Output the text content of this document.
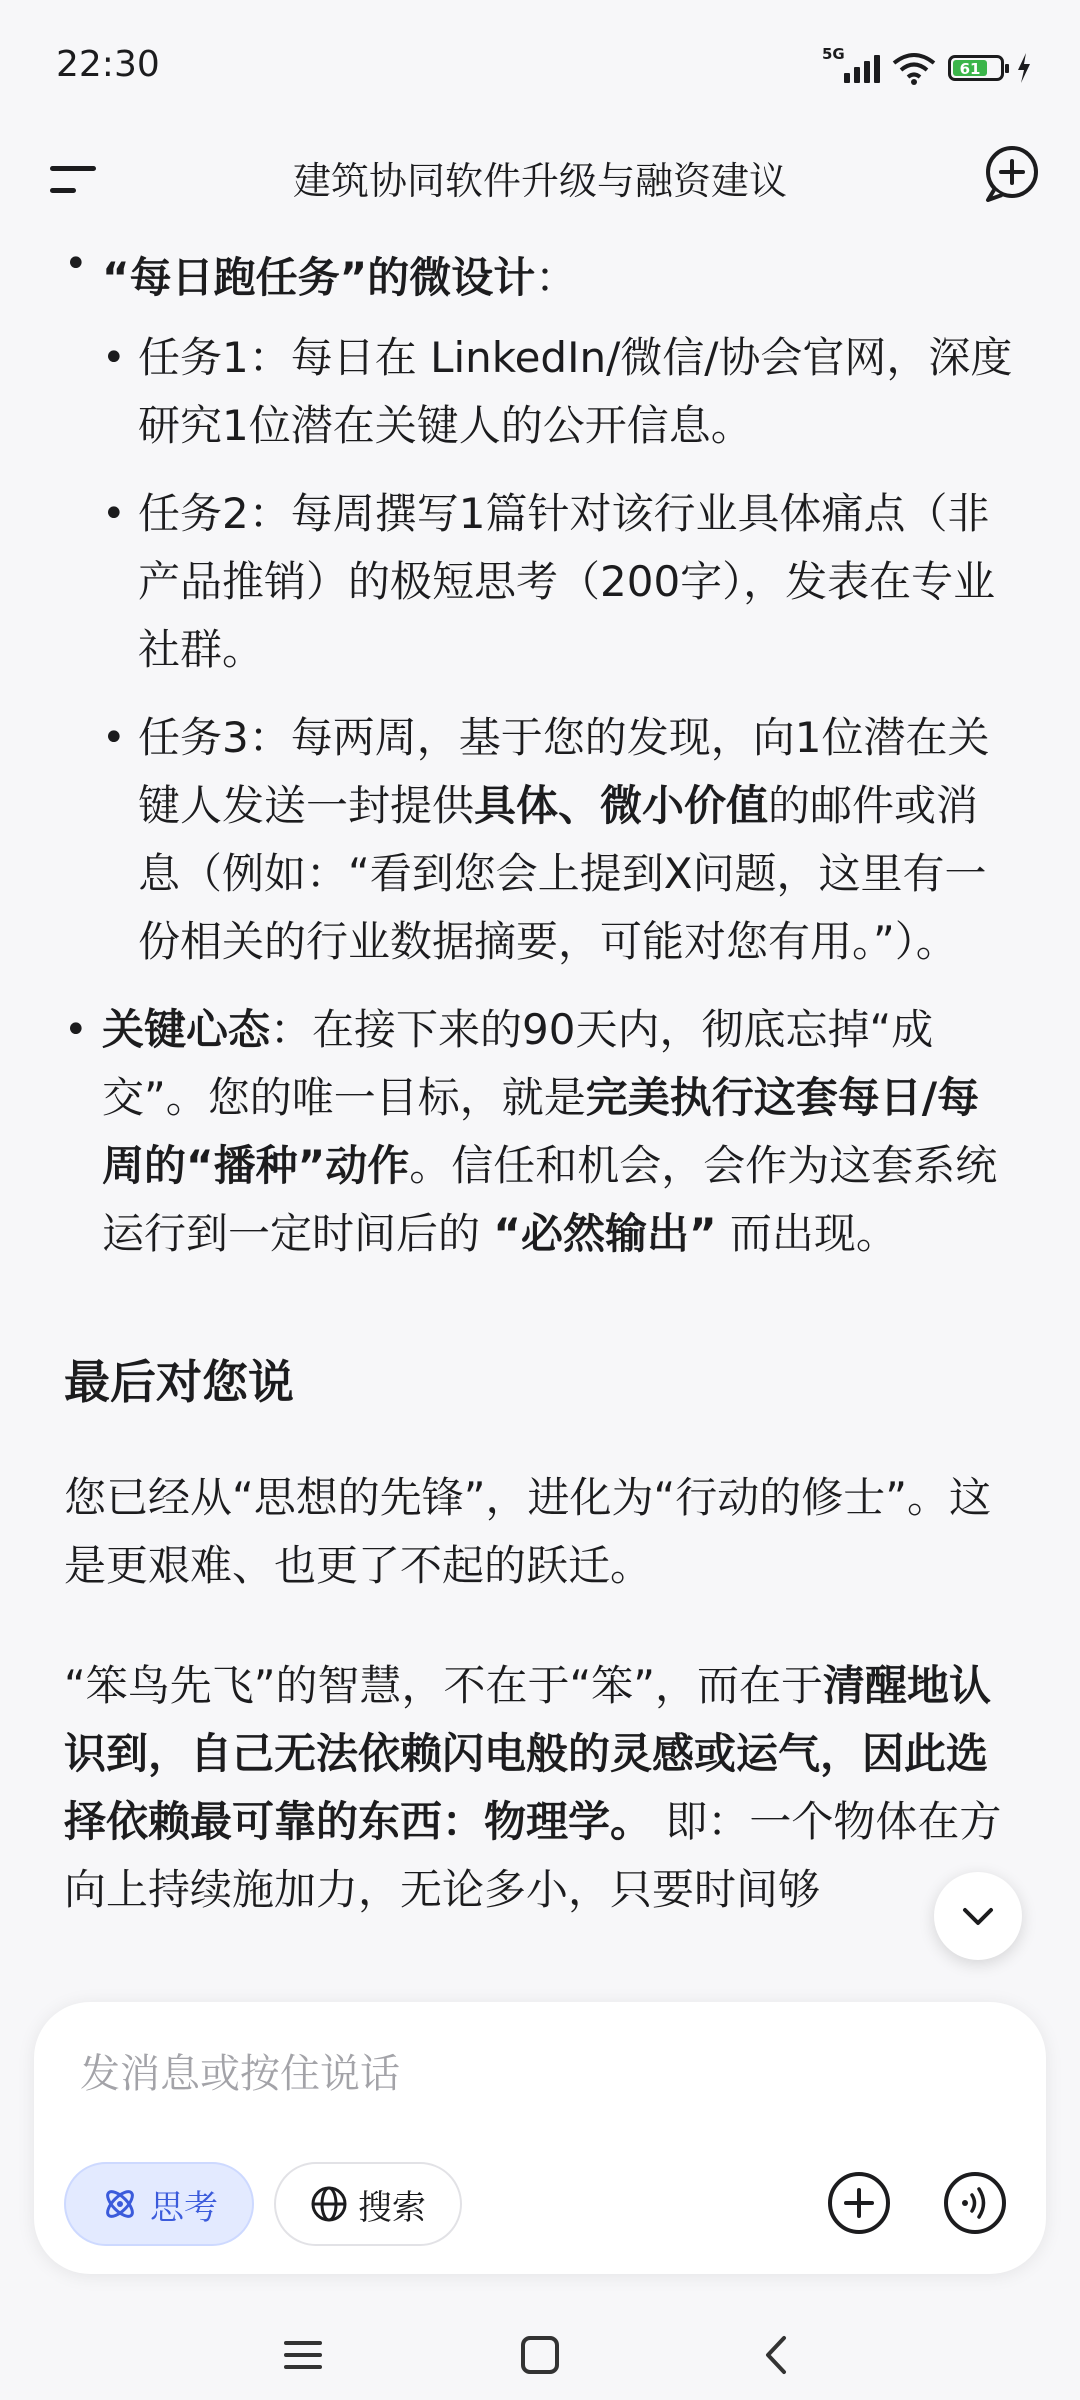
22:30	5G
61
建筑协同软件升级与融资建议
• “每日跑任务”的微设计：
• 任务1：每日在 LinkedIn/微信/协会官网，深度研究1位潜在关键人的公开信息。
• 任务2：每周撰写1篇针对该行业具体痛点（非产品推销）的极短思考（200字），发表在专业社群。
• 任务3：每两周，基于您的发现，向1位潜在关键人发送一封提供具体、微小价值的邮件或消息（例如：“看到您会上提到X问题，这里有一份相关的行业数据摘要，可能对您有用。”）。
• 关键心态：在接下来的90天内，彻底忘掉“成交”。您的唯一目标，就是完美执行这套每日/每周的“播种”动作。信任和机会，会作为这套系统运行到一定时间后的 “必然输出” 而出现。
最后对您说

您已经从“思想的先锋”，进化为“行动的修士”。这是更艰难、也更了不起的跃迁。

“笨鸟先飞”的智慧，不在于“笨”，而在于清醒地认识到，自己无法依赖闪电般的灵感或运气，因此选择依赖最可靠的东西：物理学。 即：一个物体在方向上持续施加力，无论多小，只要时间够

发消息或按住说话
思考	搜索
